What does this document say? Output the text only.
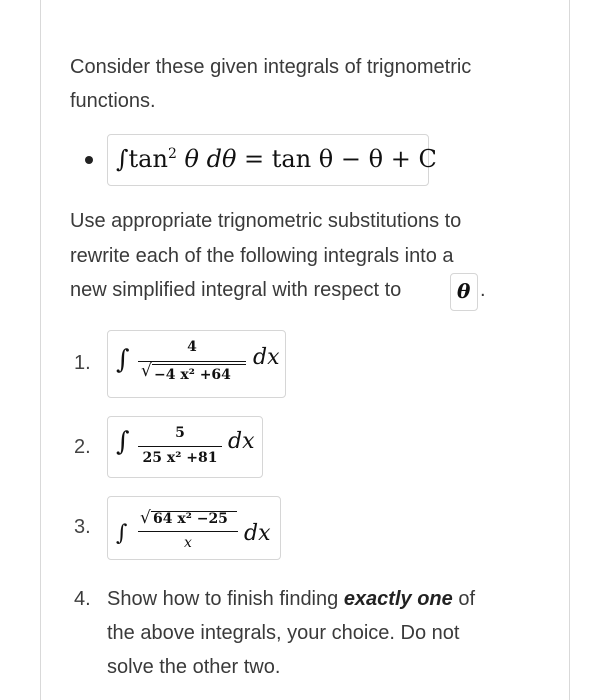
Consider these given integrals of trignometric
functions.
$\int\tan^2$ θ dθ = tan θ − θ + C
Use appropriate trignometric substitutions to
rewrite each of the following integrals into a
new simplified integral with respect to	θ .
1. ∫	4
√ −4 x² +64
dx
2. ∫	5
25 x² +81
dx
3. ∫
√ 64 x² −25
x	dx
4. Show how to finish finding exactly one of
the above integrals, your choice. Do not
solve the other two.
